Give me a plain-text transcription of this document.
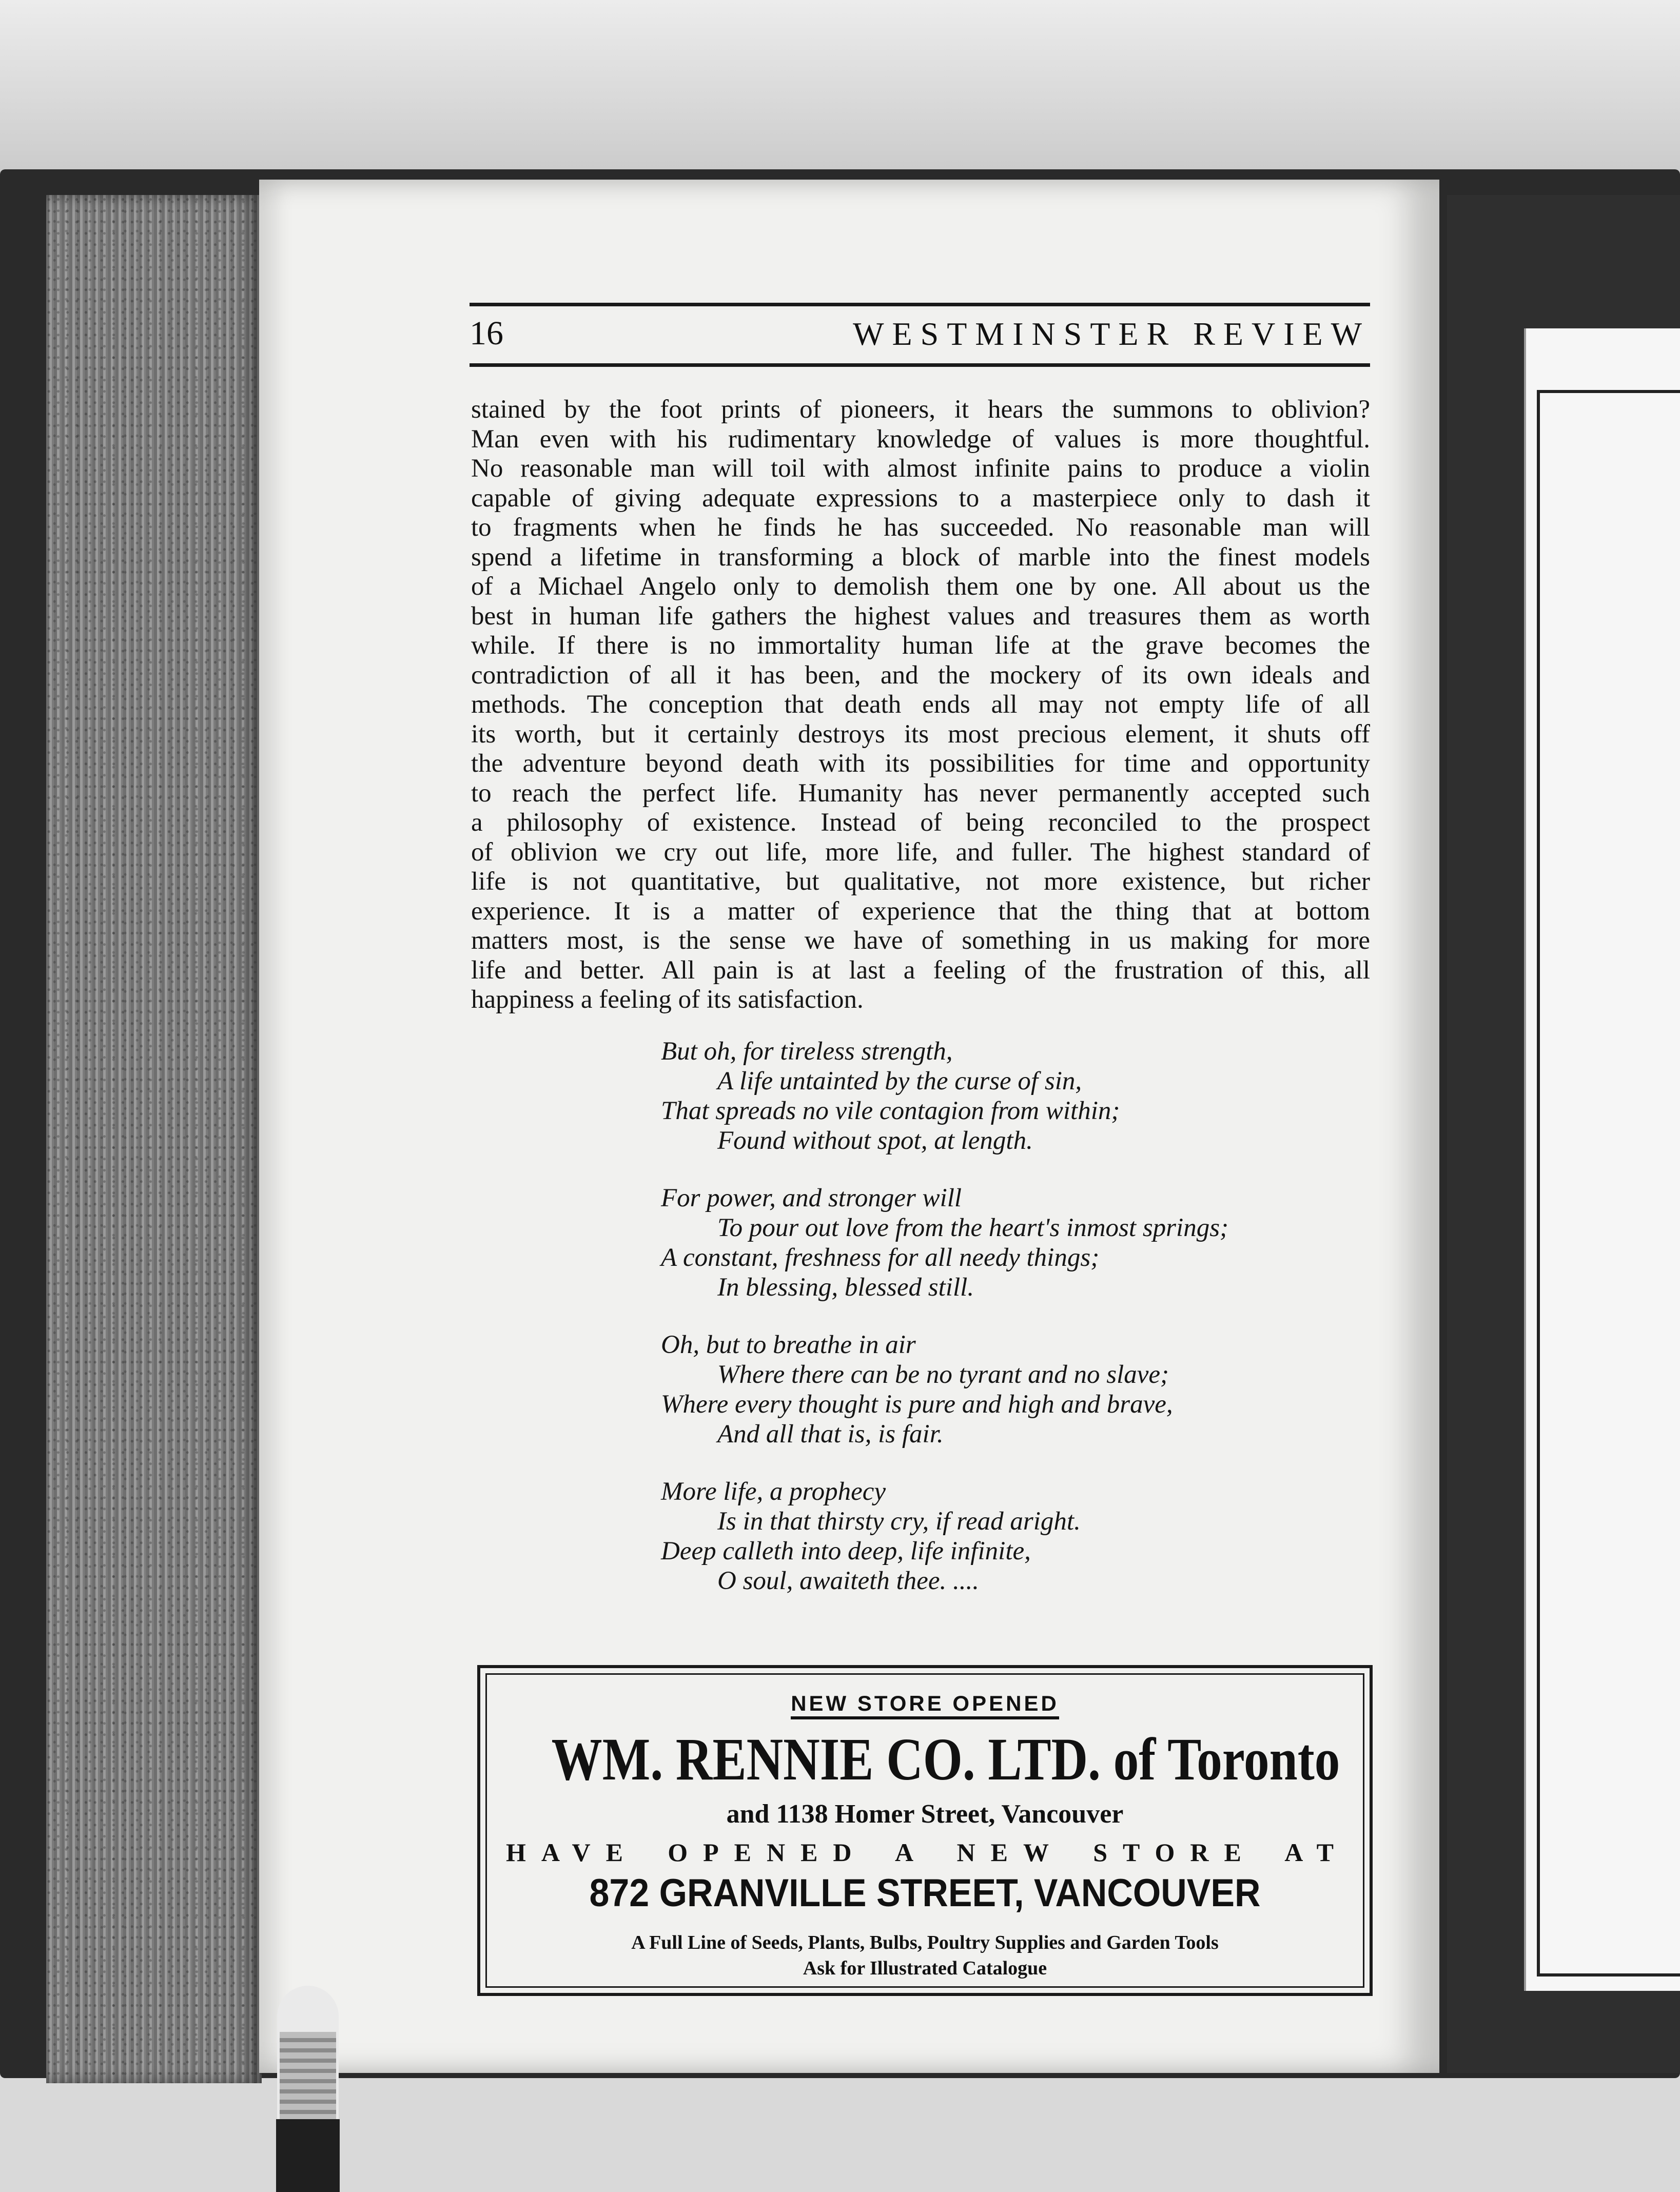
16	WESTMINSTER REVIEW
stained by the foot prints of pioneers, it hears the summons to oblivion?
Man even with his rudimentary knowledge of values is more thoughtful.
No reasonable man will toil with almost infinite pains to produce a violin
capable of giving adequate expressions to a masterpiece only to dash it
to fragments when he finds he has succeeded. No reasonable man will
spend a lifetime in transforming a block of marble into the finest models
of a Michael Angelo only to demolish them one by one. All about us the
best in human life gathers the highest values and treasures them as worth
while. If there is no immortality human life at the grave becomes the
contradiction of all it has been, and the mockery of its own ideals and
methods. The conception that death ends all may not empty life of all
its worth, but it certainly destroys its most precious element, it shuts off
the adventure beyond death with its possibilities for time and opportunity
to reach the perfect life. Humanity has never permanently accepted such
a philosophy of existence. Instead of being reconciled to the prospect
of oblivion we cry out life, more life, and fuller. The highest standard of
life is not quantitative, but qualitative, not more existence, but richer
experience. It is a matter of experience that the thing that at bottom
matters most, is the sense we have of something in us making for more
life and better. All pain is at last a feeling of the frustration of this, all
happiness a feeling of its satisfaction.
But oh, for tireless strength,
A life untainted by the curse of sin,
That spreads no vile contagion from within;
Found without spot, at length.
For power, and stronger will
To pour out love from the heart's inmost springs;
A constant, freshness for all needy things;
In blessing, blessed still.
Oh, but to breathe in air
Where there can be no tyrant and no slave;
Where every thought is pure and high and brave,
And all that is, is fair.
More life, a prophecy
Is in that thirsty cry, if read aright.
Deep calleth into deep, life infinite,
O soul, awaiteth thee. ....
NEW STORE OPENED
WM. RENNIE CO. LTD. of Toronto
and 1138 Homer Street, Vancouver
HAVE OPENED A NEW STORE AT
872 GRANVILLE STREET, VANCOUVER
A Full Line of Seeds, Plants, Bulbs, Poultry Supplies and Garden Tools
Ask for Illustrated Catalogue
